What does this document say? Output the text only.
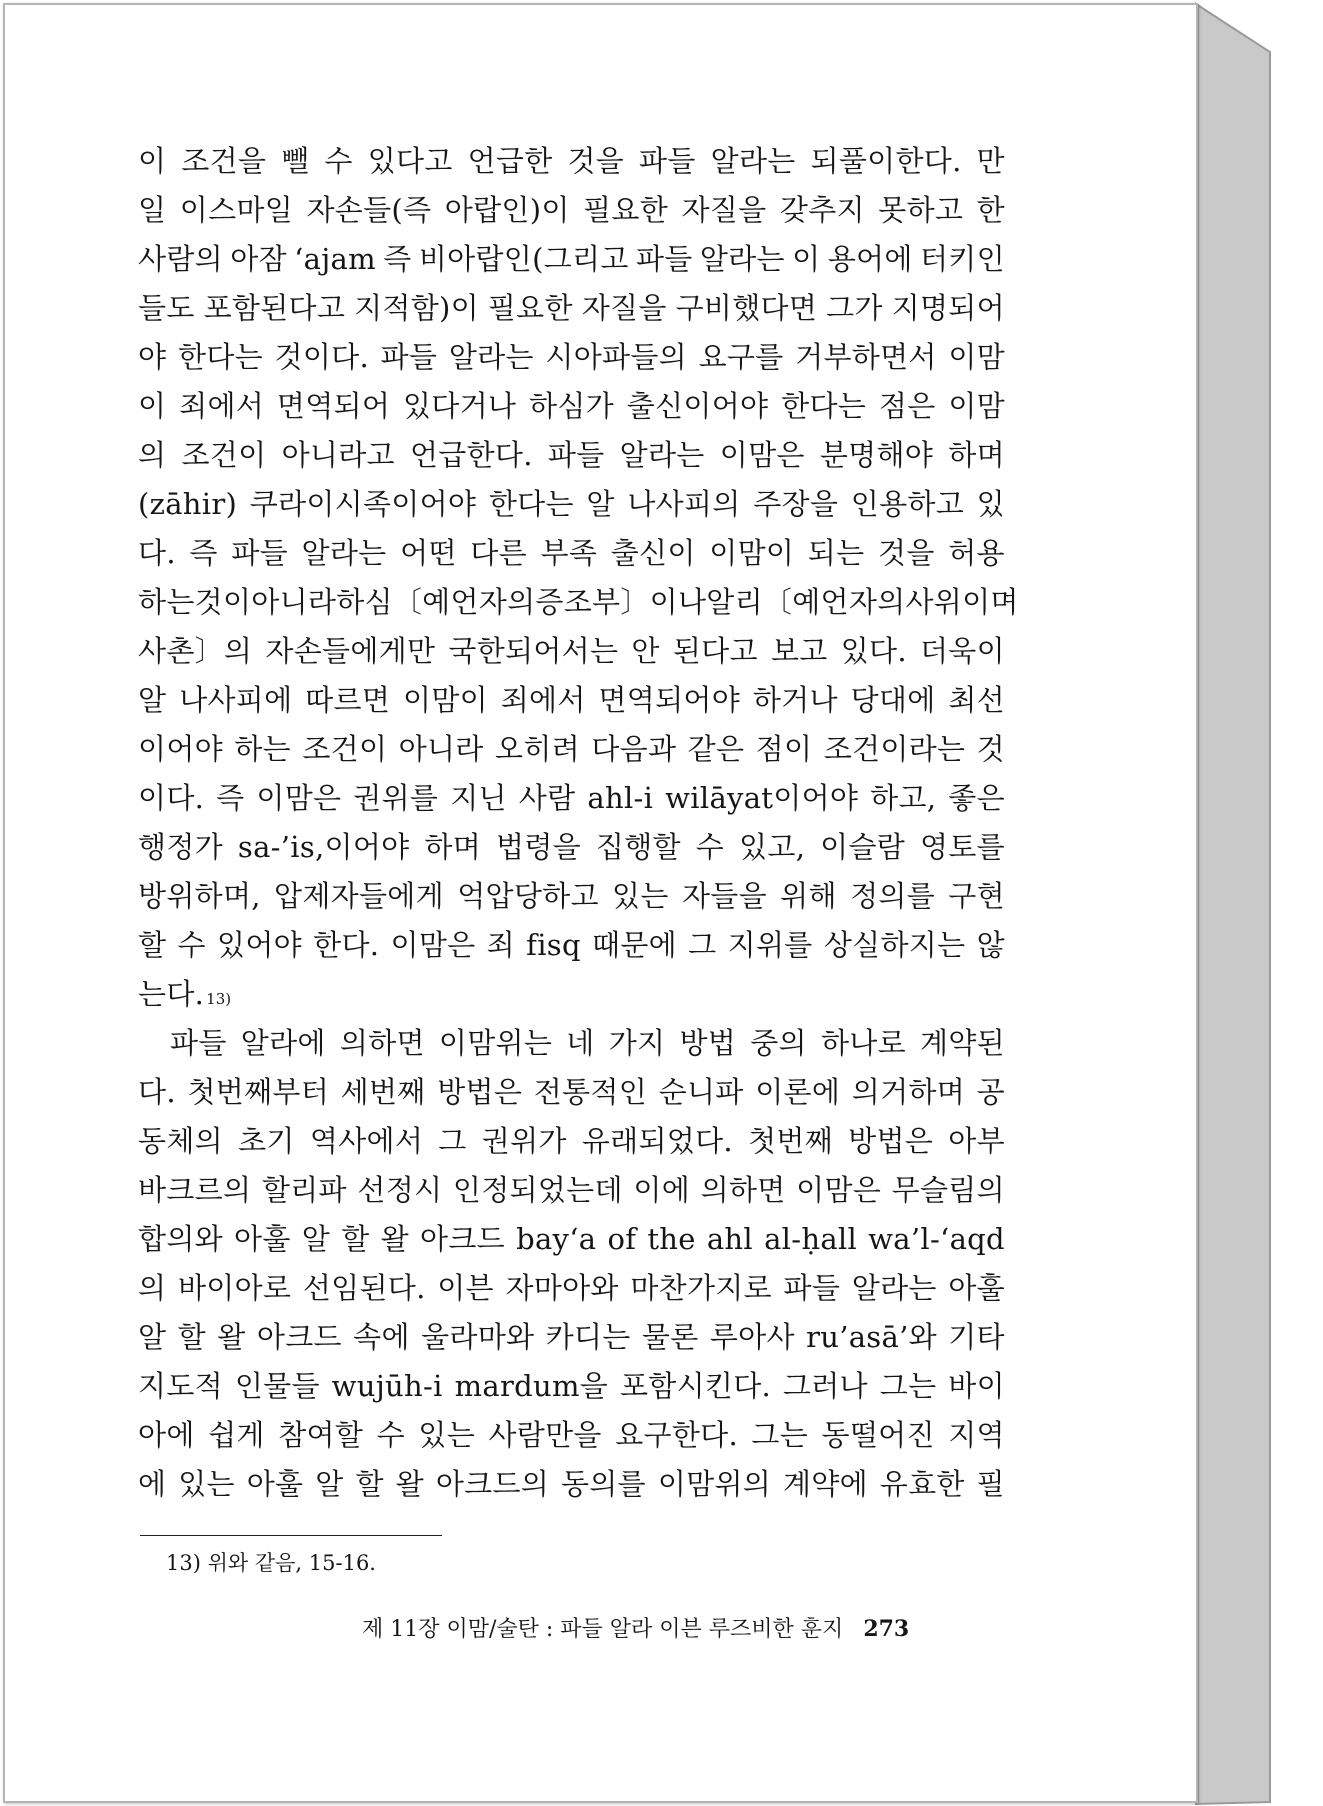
이 조건을 뺄 수 있다고 언급한 것을 파들 알라는 되풀이한다. 만
일 이스마일 자손들(즉 아랍인)이 필요한 자질을 갖추지 못하고 한
사람의 아잠 ‘ajam 즉 비아랍인(그리고 파들 알라는 이 용어에 터키인
들도 포함된다고 지적함)이 필요한 자질을 구비했다면 그가 지명되어
야 한다는 것이다. 파들 알라는 시아파들의 요구를 거부하면서 이맘
이 죄에서 면역되어 있다거나 하심가 출신이어야 한다는 점은 이맘
의 조건이 아니라고 언급한다. 파들 알라는 이맘은 분명해야 하며
(zāhir) 쿠라이시족이어야 한다는 알 나사피의 주장을 인용하고 있
다. 즉 파들 알라는 어떤 다른 부족 출신이 이맘이 되는 것을 허용
하는 것이 아니라 하심〔예언자의 증조부〕이나 알리〔예언자의 사위이며
사촌〕의 자손들에게만 국한되어서는 안 된다고 보고 있다. 더욱이
알 나사피에 따르면 이맘이 죄에서 면역되어야 하거나 당대에 최선
이어야 하는 조건이 아니라 오히려 다음과 같은 점이 조건이라는 것
이다. 즉 이맘은 권위를 지닌 사람 ahl-i wilāyat이어야 하고, 좋은
행정가 sa-’is,이어야 하며 법령을 집행할 수 있고, 이슬람 영토를
방위하며, 압제자들에게 억압당하고 있는 자들을 위해 정의를 구현
할 수 있어야 한다. 이맘은 죄 fisq 때문에 그 지위를 상실하지는 않
는다. 13)
파들 알라에 의하면 이맘위는 네 가지 방법 중의 하나로 계약된
다. 첫번째부터 세번째 방법은 전통적인 순니파 이론에 의거하며 공
동체의 초기 역사에서 그 권위가 유래되었다. 첫번째 방법은 아부
바크르의 할리파 선정시 인정되었는데 이에 의하면 이맘은 무슬림의
합의와 아훌 알 할 왈 아크드 bay‘a of the ahl al-ḥall wa’l-‘aqd
의 바이아로 선임된다. 이븐 자마아와 마찬가지로 파들 알라는 아훌
알 할 왈 아크드 속에 울라마와 카디는 물론 루아사 ru’asā’와 기타
지도적 인물들 wujūh-i mardum을 포함시킨다. 그러나 그는 바이
아에 쉽게 참여할 수 있는 사람만을 요구한다. 그는 동떨어진 지역
에 있는 아훌 알 할 왈 아크드의 동의를 이맘위의 계약에 유효한 필
13) 위와 같음, 15-16.
제 11장 이맘/술탄 : 파들 알라 이븐 루즈비한 훈지 273
